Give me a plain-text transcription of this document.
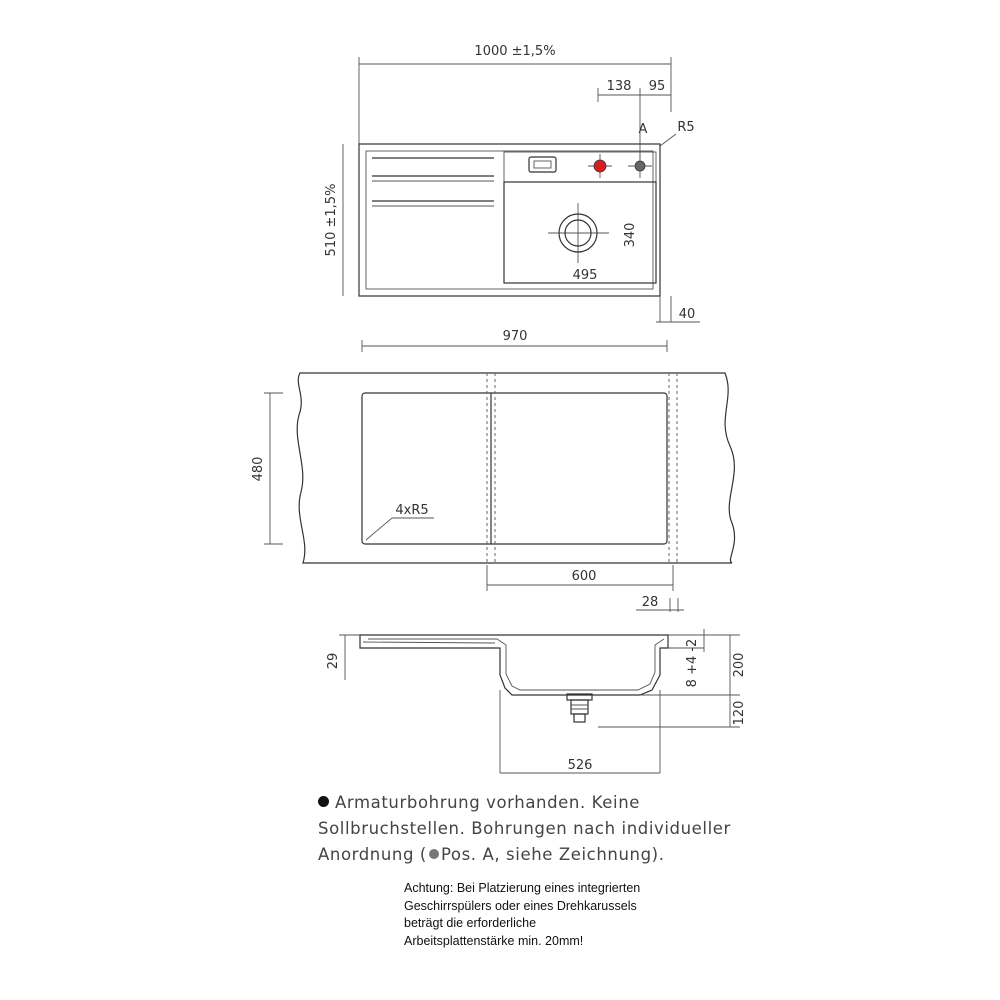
1000 ±1,5%
138 95
A R5
510 ±1,5%	340
495
40
970
480
4xR5
600
28
29	8 +4 -2 200
120
526

Armaturbohrung vorhanden. Keine
Sollbruchstellen. Bohrungen nach individueller
Anordnung ( Pos. A, siehe Zeichnung).

Achtung: Bei Platzierung eines integrierten
Geschirrspülers oder eines Drehkarussels
beträgt die erforderliche
Arbeitsplattenstärke min. 20mm!
